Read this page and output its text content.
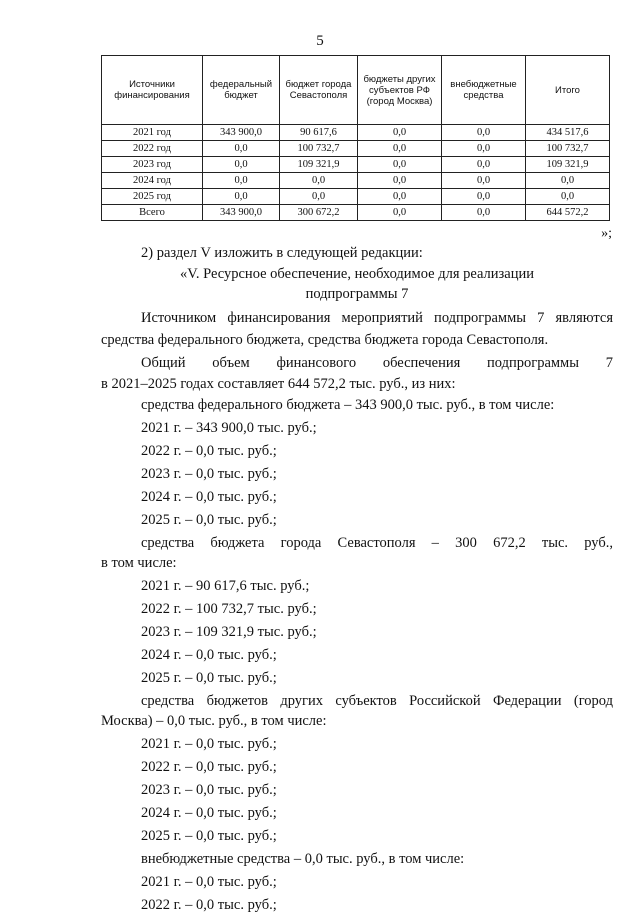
5
Источники финансирования	федеральный бюджет	бюджет города Севастополя	бюджеты других субъектов РФ (город Москва)	внебюджетные средства	Итого
2021 год	343 900,0	90 617,6	0,0	0,0	434 517,6
2022 год	0,0	100 732,7	0,0	0,0	100 732,7
2023 год	0,0	109 321,9	0,0	0,0	109 321,9
2024 год	0,0	0,0	0,0	0,0	0,0
2025 год	0,0	0,0	0,0	0,0	0,0
Всего	343 900,0	300 672,2	0,0	0,0	644 572,2
»;

2) раздел V изложить в следующей редакции:

«V. Ресурсное обеспечение, необходимое для реализации

подпрограммы 7

Источником финансирования мероприятий подпрограммы 7 являются средства федерального бюджета, средства бюджета города Севастополя.

Общий объем финансового обеспечения подпрограммы 7

в 2021–2025 годах составляет 644 572,2 тыс. руб., из них:

средства федерального бюджета – 343 900,0 тыс. руб., в том числе:

2021 г. – 343 900,0 тыс. руб.;

2022 г. – 0,0 тыс. руб.;

2023 г. – 0,0 тыс. руб.;

2024 г. – 0,0 тыс. руб.;

2025 г. – 0,0 тыс. руб.;

средства бюджета города Севастополя – 300 672,2 тыс. руб.,

в том числе:

2021 г. – 90 617,6 тыс. руб.;

2022 г. – 100 732,7 тыс. руб.;

2023 г. – 109 321,9 тыс. руб.;

2024 г. – 0,0 тыс. руб.;

2025 г. – 0,0 тыс. руб.;

средства бюджетов других субъектов Российской Федерации (город

Москва) – 0,0 тыс. руб., в том числе:

2021 г. – 0,0 тыс. руб.;

2022 г. – 0,0 тыс. руб.;

2023 г. – 0,0 тыс. руб.;

2024 г. – 0,0 тыс. руб.;

2025 г. – 0,0 тыс. руб.;

внебюджетные средства – 0,0 тыс. руб., в том числе:

2021 г. – 0,0 тыс. руб.;

2022 г. – 0,0 тыс. руб.;
